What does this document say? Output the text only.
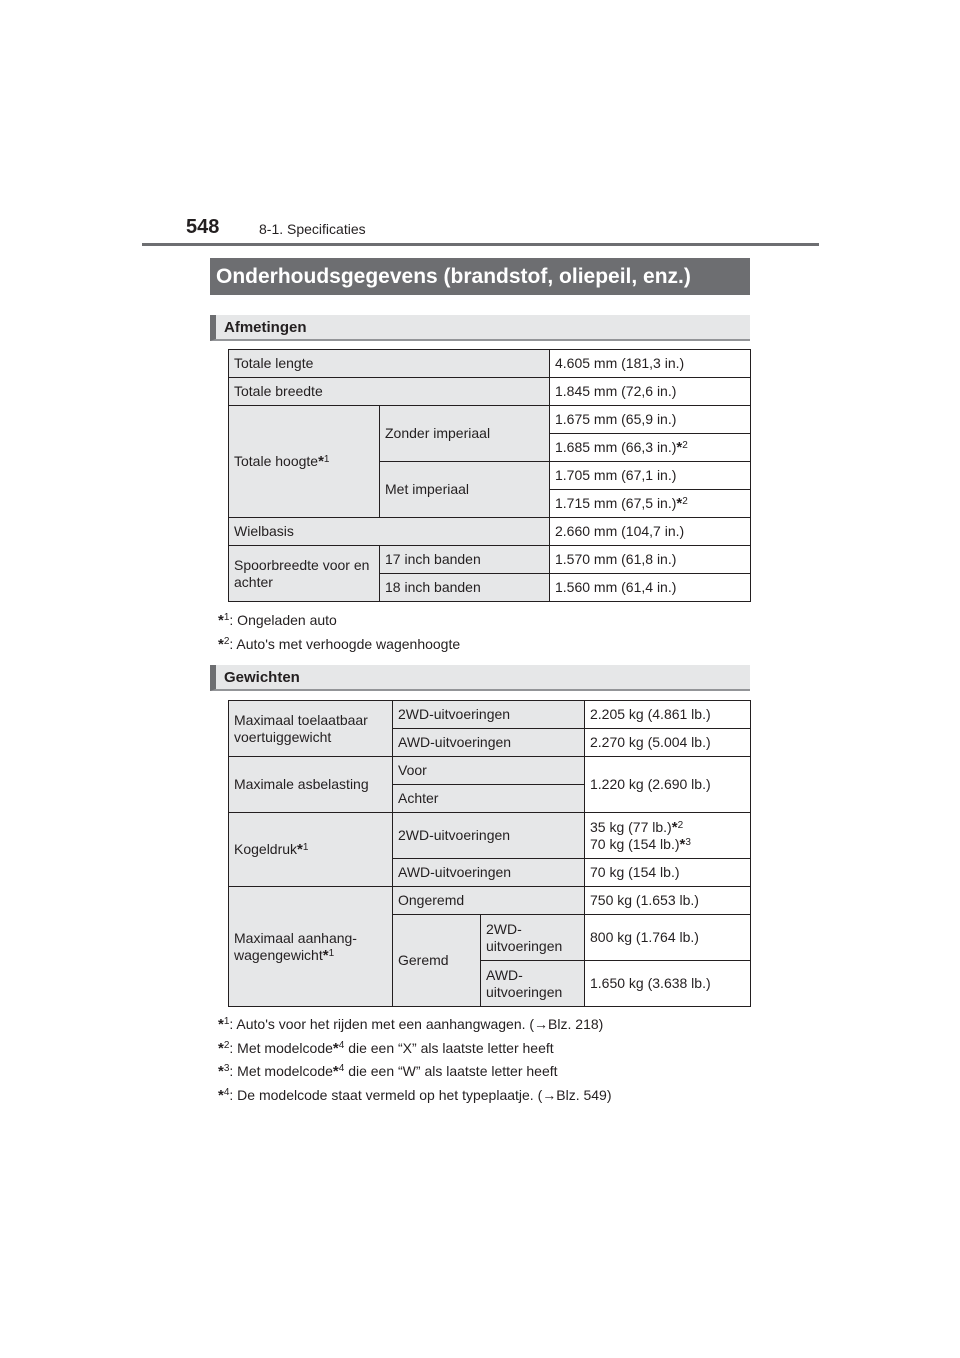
548	8-1. Specificaties
Onderhoudsgegevens (brandstof, oliepeil, enz.)
Afmetingen
Totale lengte		4.605 mm (181,3 in.)
Totale breedte		1.845 mm (72,6 in.)
Totale hoogte*$^1$	Zonder imperiaal	1.675 mm (65,9 in.)
		1.685 mm (66,3 in.)*$^2$
	Met imperiaal	1.705 mm (67,1 in.)
		1.715 mm (67,5 in.)*$^2$
Wielbasis		2.660 mm (104,7 in.)
Spoorbreedte voor en achter	17 inch banden	1.570 mm (61,8 in.)
	18 inch banden	1.560 mm (61,4 in.)
*$^1$: Ongeladen auto
*$^2$: Auto's met verhoogde wagenhoogte
Gewichten
Maximaal toelaatbaar voertuiggewicht	2WD-uitvoeringen		2.205 kg (4.861 lb.)
	AWD-uitvoeringen		2.270 kg (5.004 lb.)
Maximale asbelasting	Voor		1.220 kg (2.690 lb.)
	Achter		
Kogeldruk*$^1$	2WD-uitvoeringen		35 kg (77 lb.)*$^2$
70 kg (154 lb.)*$^3$
	AWD-uitvoeringen		70 kg (154 lb.)
Maximaal aanhang-
wagengewicht*$^1$	Ongeremd		750 kg (1.653 lb.)
	Geremd	2WD-
uitvoeringen	800 kg (1.764 lb.)
		AWD-
uitvoeringen	1.650 kg (3.638 lb.)
*$^1$: Auto's voor het rijden met een aanhangwagen. (→Blz. 218)
*$^2$: Met modelcode*$^4$ die een “X” als laatste letter heeft
*$^3$: Met modelcode*$^4$ die een “W” als laatste letter heeft
*$^4$: De modelcode staat vermeld op het typeplaatje. (→Blz. 549)
